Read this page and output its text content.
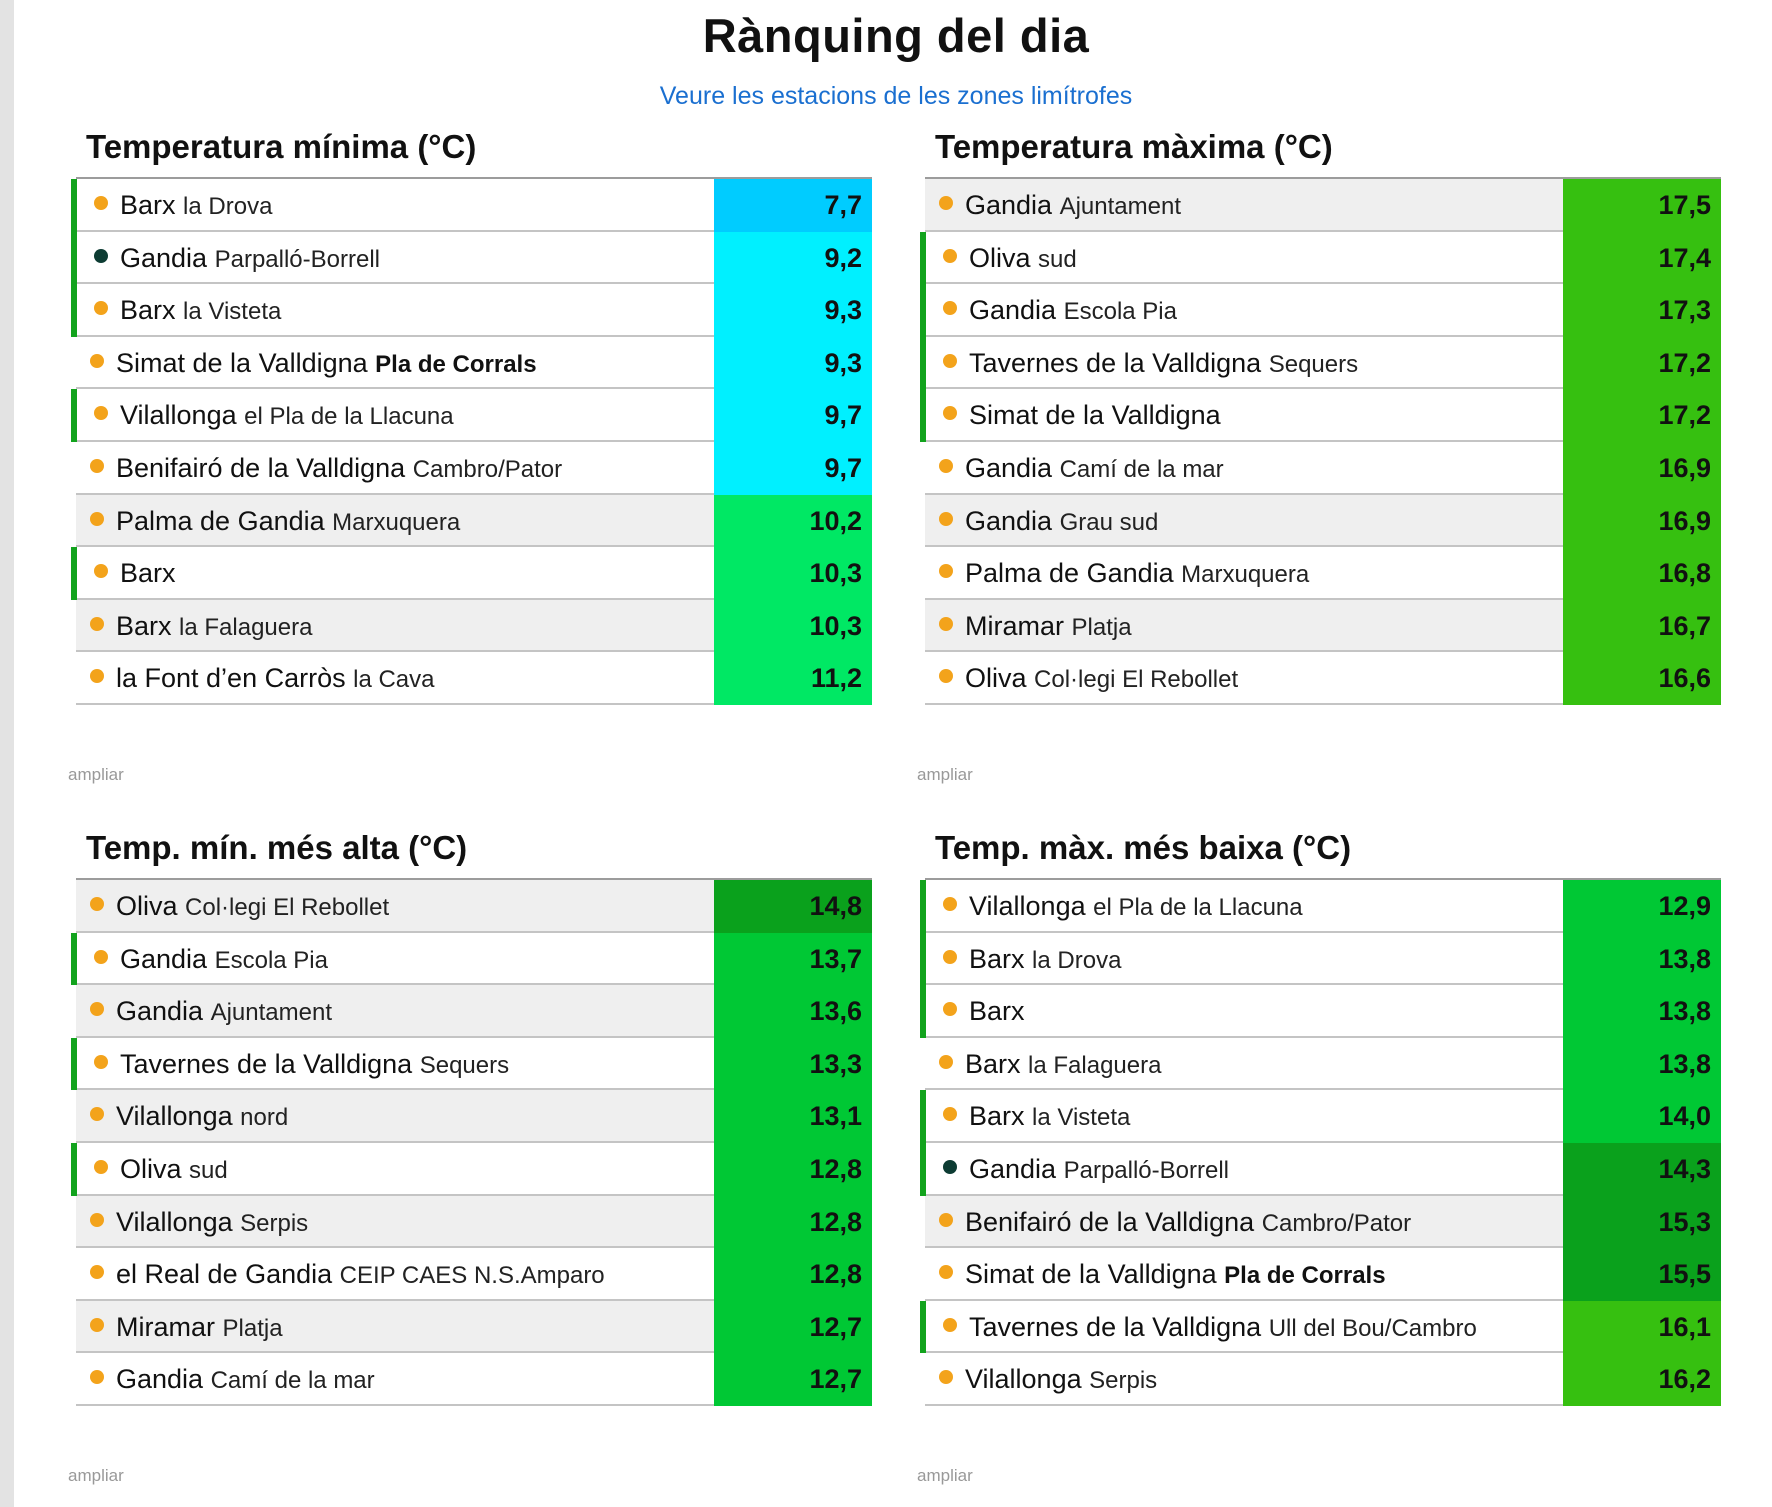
Rànquing del dia
Veure les estacions de les zones limítrofes
Temperatura mínima (°C)
Barx la Drova	7,7
Gandia Parpalló-Borrell	9,2
Barx la Visteta	9,3
Simat de la Valldigna Pla de Corrals	9,3
Vilallonga el Pla de la Llacuna	9,7
Benifairó de la Valldigna Cambro/Pator	9,7
Palma de Gandia Marxuquera	10,2
Barx	10,3
Barx la Falaguera	10,3
la Font d’en Carròs la Cava	11,2
ampliar
Temperatura màxima (°C)
Gandia Ajuntament	17,5
Oliva sud	17,4
Gandia Escola Pia	17,3
Tavernes de la Valldigna Sequers	17,2
Simat de la Valldigna	17,2
Gandia Camí de la mar	16,9
Gandia Grau sud	16,9
Palma de Gandia Marxuquera	16,8
Miramar Platja	16,7
Oliva Col·legi El Rebollet	16,6
ampliar
Temp. mín. més alta (°C)
Oliva Col·legi El Rebollet	14,8
Gandia Escola Pia	13,7
Gandia Ajuntament	13,6
Tavernes de la Valldigna Sequers	13,3
Vilallonga nord	13,1
Oliva sud	12,8
Vilallonga Serpis	12,8
el Real de Gandia CEIP CAES N.S.Amparo	12,8
Miramar Platja	12,7
Gandia Camí de la mar	12,7
ampliar
Temp. màx. més baixa (°C)
Vilallonga el Pla de la Llacuna	12,9
Barx la Drova	13,8
Barx	13,8
Barx la Falaguera	13,8
Barx la Visteta	14,0
Gandia Parpalló-Borrell	14,3
Benifairó de la Valldigna Cambro/Pator	15,3
Simat de la Valldigna Pla de Corrals	15,5
Tavernes de la Valldigna Ull del Bou/Cambro	16,1
Vilallonga Serpis	16,2
ampliar
